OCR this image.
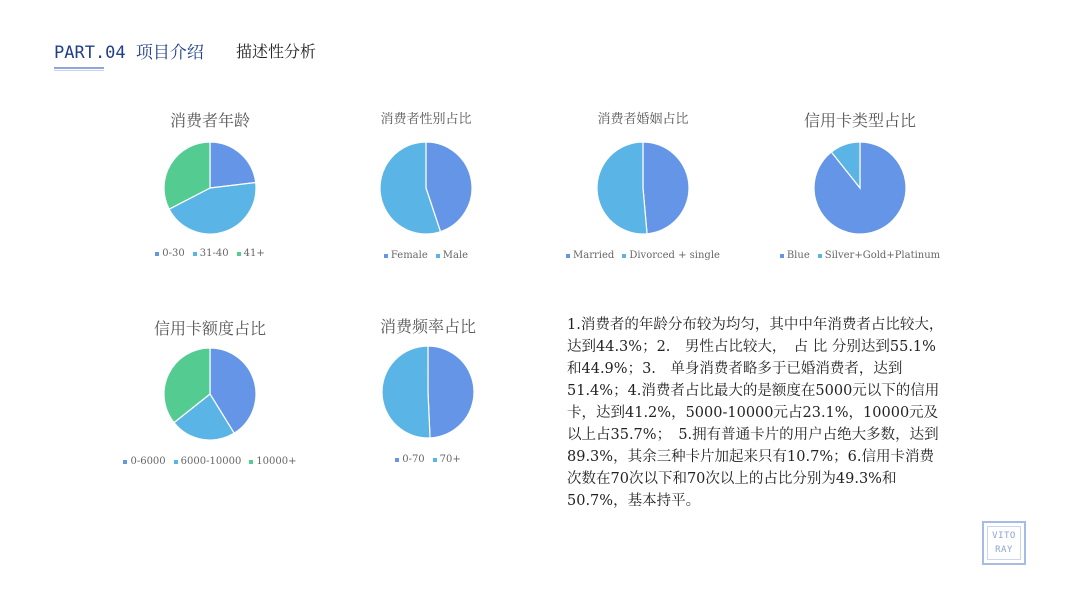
PART.04 项目介绍 描述性分析
消费者年龄
0-30 31-40 41+
消费者性别占比
Female Male
消费者婚姻占比
Married Divorced + single
信用卡类型占比
Blue Silver+Gold+Platinum
信用卡额度占比
0-6000 6000-10000 10000+
消费频率占比
0-70 70+
1.消费者的年龄分布较为均匀，其中中年消费者占比较大，达到44.3%；2.　男性占比较大，　占 比 分别达到55.1%和44.9%；3.　单身消费者略多于已婚消费者，达到51.4%；4.消费者占比最大的是额度在5000元以下的信用卡，达到41.2%，5000-10000元占23.1%，10000元及以上占35.7%；　5.拥有普通卡片的用户占绝大多数，达到89.3%，其余三种卡片加起来只有10.7%；6.信用卡消费次数在70次以下和70次以上的占比分别为49.3%和50.7%，基本持平。
VITO
RAY
